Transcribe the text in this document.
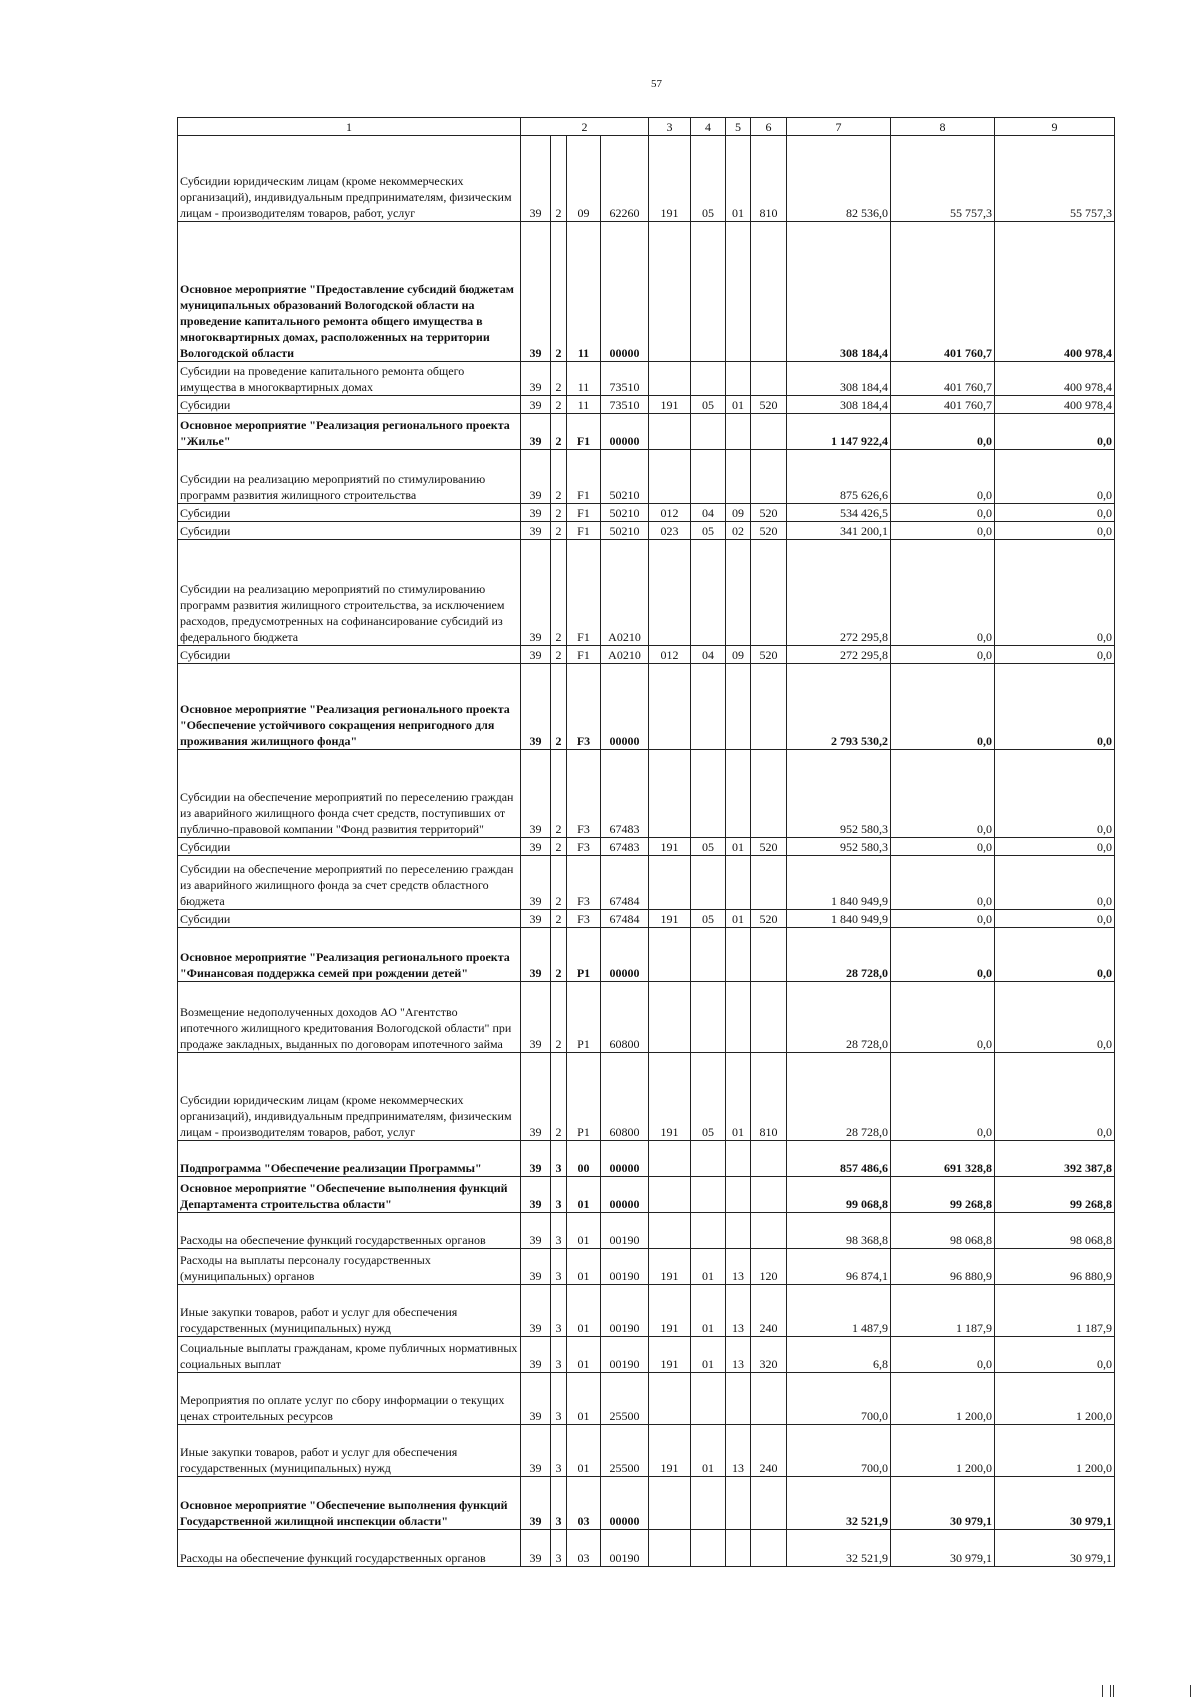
57
1	2				3	4	5	6	7	8	9
Субсидии юридическим лицам (кроме некоммерческих организаций), индивидуальным предпринимателям, физическим лицам - производителям товаров, работ, услуг	39	2	09	62260	191	05	01	810	82 536,0	55 757,3	55 757,3
Основное мероприятие "Предоставление субсидий бюджетам муниципальных образований Вологодской области на проведение капитального ремонта общего имущества в многоквартирных домах, расположенных на территории Вологодской области	39	2	11	00000					308 184,4	401 760,7	400 978,4
Субсидии на проведение капитального ремонта общего имущества в многоквартирных домах	39	2	11	73510					308 184,4	401 760,7	400 978,4
Субсидии	39	2	11	73510	191	05	01	520	308 184,4	401 760,7	400 978,4
Основное мероприятие "Реализация регионального проекта "Жилье"	39	2	F1	00000					1 147 922,4	0,0	0,0
Субсидии на реализацию мероприятий по стимулированию программ развития жилищного строительства	39	2	F1	50210					875 626,6	0,0	0,0
Субсидии	39	2	F1	50210	012	04	09	520	534 426,5	0,0	0,0
Субсидии	39	2	F1	50210	023	05	02	520	341 200,1	0,0	0,0
Субсидии на реализацию мероприятий по стимулированию программ развития жилищного строительства, за исключением расходов, предусмотренных на софинансирование субсидий из федерального бюджета	39	2	F1	A0210					272 295,8	0,0	0,0
Субсидии	39	2	F1	A0210	012	04	09	520	272 295,8	0,0	0,0
Основное мероприятие "Реализация регионального проекта "Обеспечение устойчивого сокращения непригодного для проживания жилищного фонда"	39	2	F3	00000					2 793 530,2	0,0	0,0
Субсидии на обеспечение мероприятий по переселению граждан из аварийного жилищного фонда счет средств, поступивших от публично-правовой компании "Фонд развития территорий"	39	2	F3	67483					952 580,3	0,0	0,0
Субсидии	39	2	F3	67483	191	05	01	520	952 580,3	0,0	0,0
Субсидии на обеспечение мероприятий по переселению граждан из аварийного жилищного фонда за счет средств областного бюджета	39	2	F3	67484					1 840 949,9	0,0	0,0
Субсидии	39	2	F3	67484	191	05	01	520	1 840 949,9	0,0	0,0
Основное мероприятие "Реализация регионального проекта "Финансовая поддержка семей при рождении детей"	39	2	P1	00000					28 728,0	0,0	0,0
Возмещение недополученных доходов АО "Агентство ипотечного жилищного кредитования Вологодской области" при продаже закладных, выданных по договорам ипотечного займа	39	2	P1	60800					28 728,0	0,0	0,0
Субсидии юридическим лицам (кроме некоммерческих организаций), индивидуальным предпринимателям, физическим лицам - производителям товаров, работ, услуг	39	2	P1	60800	191	05	01	810	28 728,0	0,0	0,0
Подпрограмма "Обеспечение реализации Программы"	39	3	00	00000					857 486,6	691 328,8	392 387,8
Основное мероприятие "Обеспечение выполнения функций Департамента строительства области"	39	3	01	00000					99 068,8	99 268,8	99 268,8
Расходы на обеспечение функций государственных органов	39	3	01	00190					98 368,8	98 068,8	98 068,8
Расходы на выплаты персоналу государственных (муниципальных) органов	39	3	01	00190	191	01	13	120	96 874,1	96 880,9	96 880,9
Иные закупки товаров, работ и услуг для обеспечения государственных (муниципальных) нужд	39	3	01	00190	191	01	13	240	1 487,9	1 187,9	1 187,9
Социальные выплаты гражданам, кроме публичных нормативных социальных выплат	39	3	01	00190	191	01	13	320	6,8	0,0	0,0
Мероприятия по оплате услуг по сбору информации о текущих ценах строительных ресурсов	39	3	01	25500					700,0	1 200,0	1 200,0
Иные закупки товаров, работ и услуг для обеспечения государственных (муниципальных) нужд	39	3	01	25500	191	01	13	240	700,0	1 200,0	1 200,0
Основное мероприятие "Обеспечение выполнения функций Государственной жилищной инспекции области"	39	3	03	00000					32 521,9	30 979,1	30 979,1
Расходы на обеспечение функций государственных органов	39	3	03	00190					32 521,9	30 979,1	30 979,1
